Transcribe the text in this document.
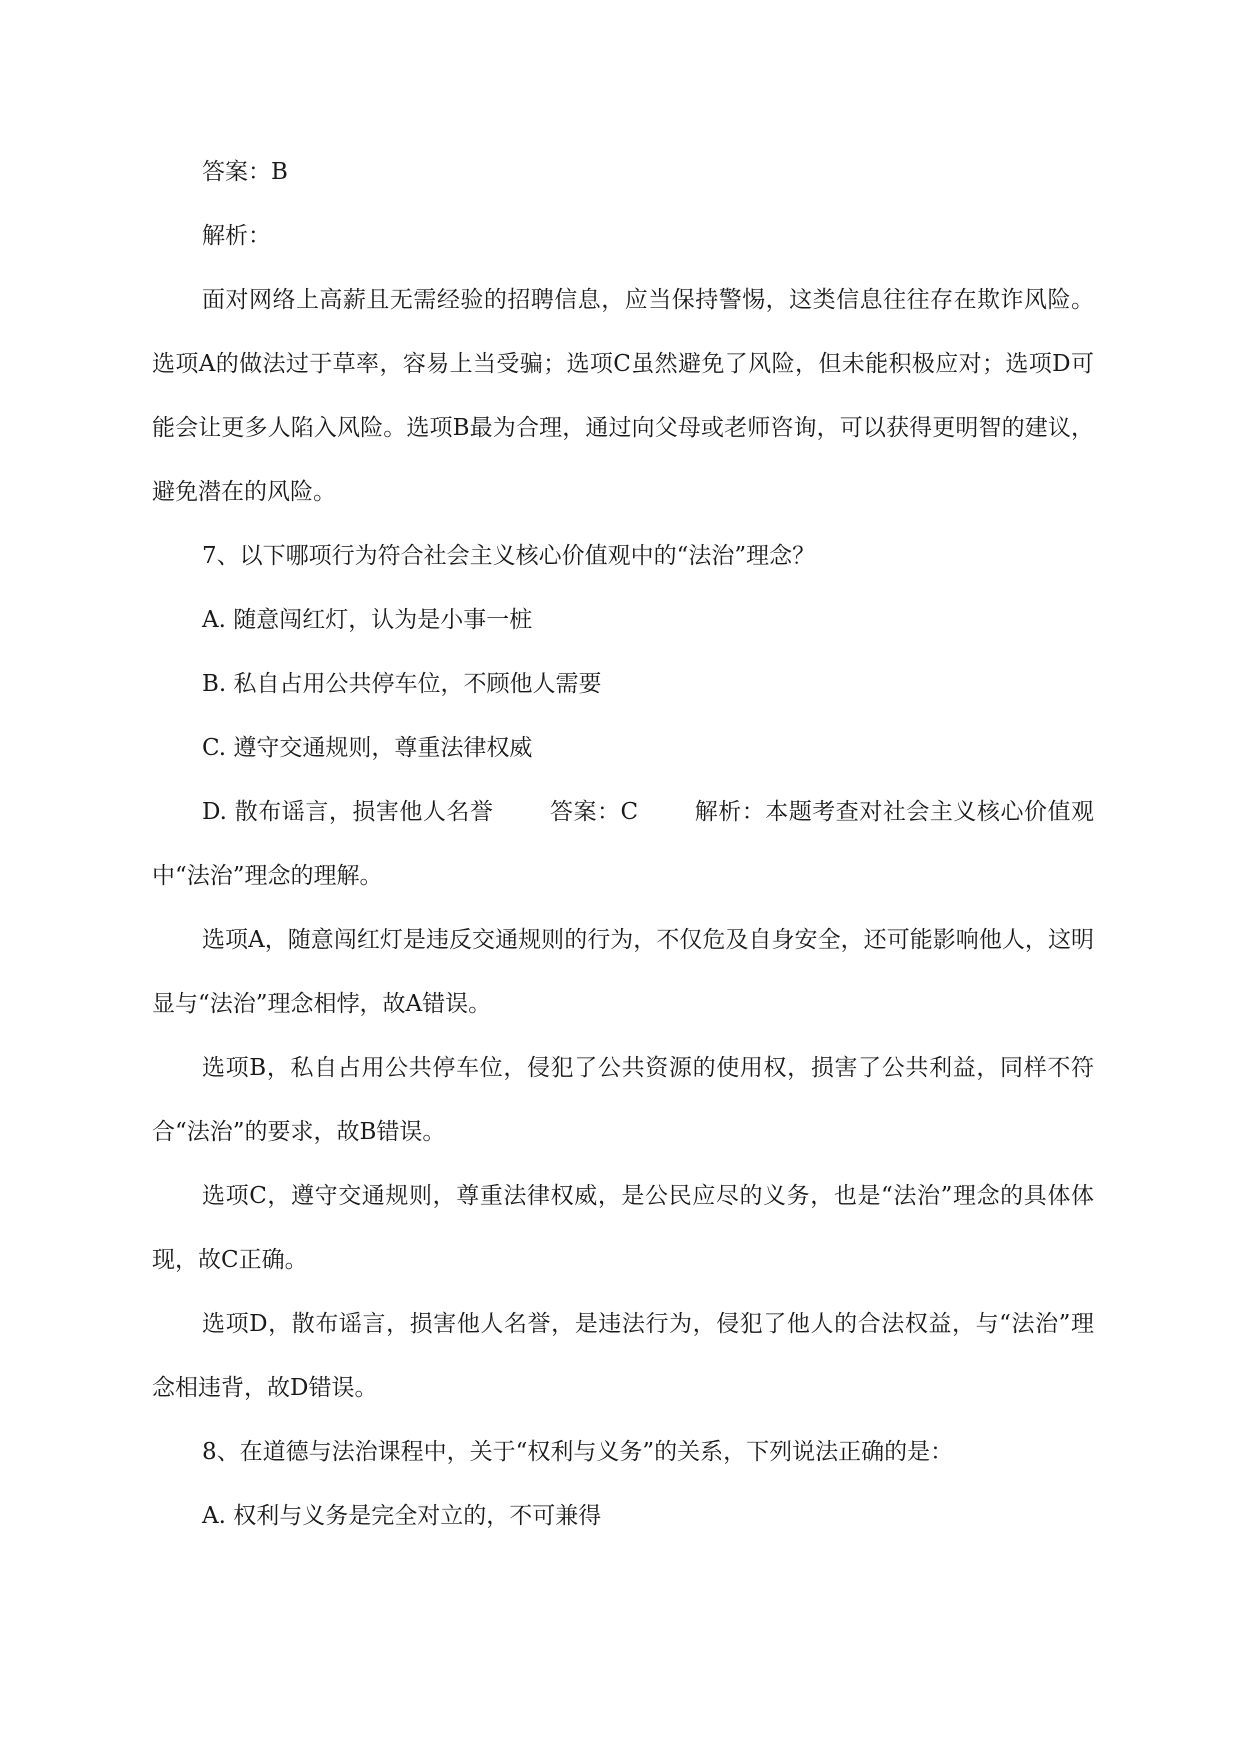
答案：B

解析：

面对网络上高薪且无需经验的招聘信息，应当保持警惕，这类信息往往存在欺诈风险。选项A的做法过于草率，容易上当受骗；选项C虽然避免了风险，但未能积极应对；选项D可能会让更多人陷入风险。选项B最为合理，通过向父母或老师咨询，可以获得更明智的建议，避免潜在的风险。

7、以下哪项行为符合社会主义核心价值观中的“法治”理念？

A. 随意闯红灯，认为是小事一桩

B. 私自占用公共停车位，不顾他人需要

C. 遵守交通规则，尊重法律权威

D. 散布谣言，损害他人名誉 答案：C 解析：本题考查对社会主义核心价值观中“法治”理念的理解。

选项A，随意闯红灯是违反交通规则的行为，不仅危及自身安全，还可能影响他人，这明显与“法治”理念相悖，故A错误。

选项B，私自占用公共停车位，侵犯了公共资源的使用权，损害了公共利益，同样不符合“法治”的要求，故B错误。

选项C，遵守交通规则，尊重法律权威，是公民应尽的义务，也是“法治”理念的具体体现，故C正确。

选项D，散布谣言，损害他人名誉，是违法行为，侵犯了他人的合法权益，与“法治”理念相违背，故D错误。

8、在道德与法治课程中，关于“权利与义务”的关系，下列说法正确的是：

A. 权利与义务是完全对立的，不可兼得
